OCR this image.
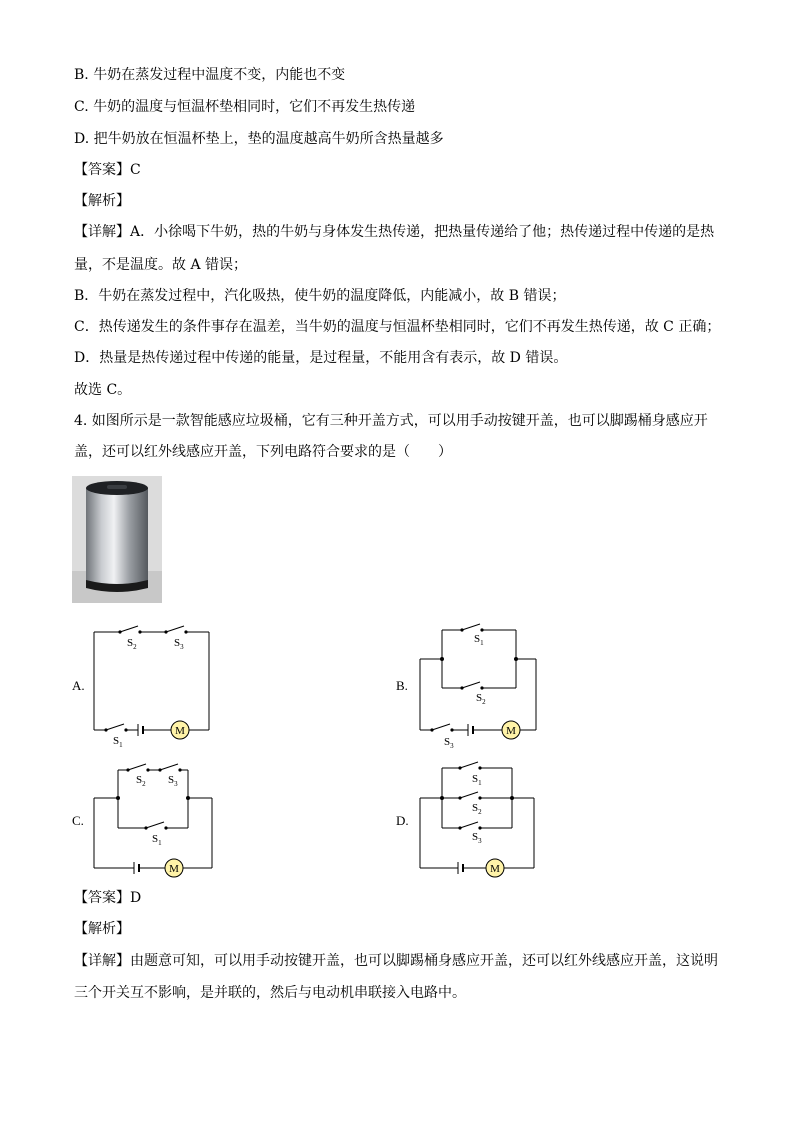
B. 牛奶在蒸发过程中温度不变，内能也不变
C. 牛奶的温度与恒温杯垫相同时，它们不再发生热传递
D. 把牛奶放在恒温杯垫上，垫的温度越高牛奶所含热量越多
【答案】C
【解析】
【详解】A．小徐喝下牛奶，热的牛奶与身体发生热传递，把热量传递给了他；热传递过程中传递的是热
量，不是温度。故 A 错误；
B．牛奶在蒸发过程中，汽化吸热，使牛奶的温度降低，内能减小，故 B 错误；
C．热传递发生的条件事存在温差，当牛奶的温度与恒温杯垫相同时，它们不再发生热传递，故 C 正确；
D．热量是热传递过程中传递的能量，是过程量，不能用含有表示，故 D 错误。
故选 C。
4. 如图所示是一款智能感应垃圾桶，它有三种开盖方式，可以用手动按键开盖，也可以脚踢桶身感应开
盖，还可以红外线感应开盖，下列电路符合要求的是（　　）
A.
M
$S_2$	$S_3$
$S_1$
B.
M
$S_1$
$S_2$
$S_3$
C.
M
$S_2$ $S_3$
$S_1$
D.
M
$S_1$
$S_2$
$S_3$
【答案】D
【解析】
【详解】由题意可知，可以用手动按键开盖，也可以脚踢桶身感应开盖，还可以红外线感应开盖，这说明
三个开关互不影响，是并联的，然后与电动机串联接入电路中。
